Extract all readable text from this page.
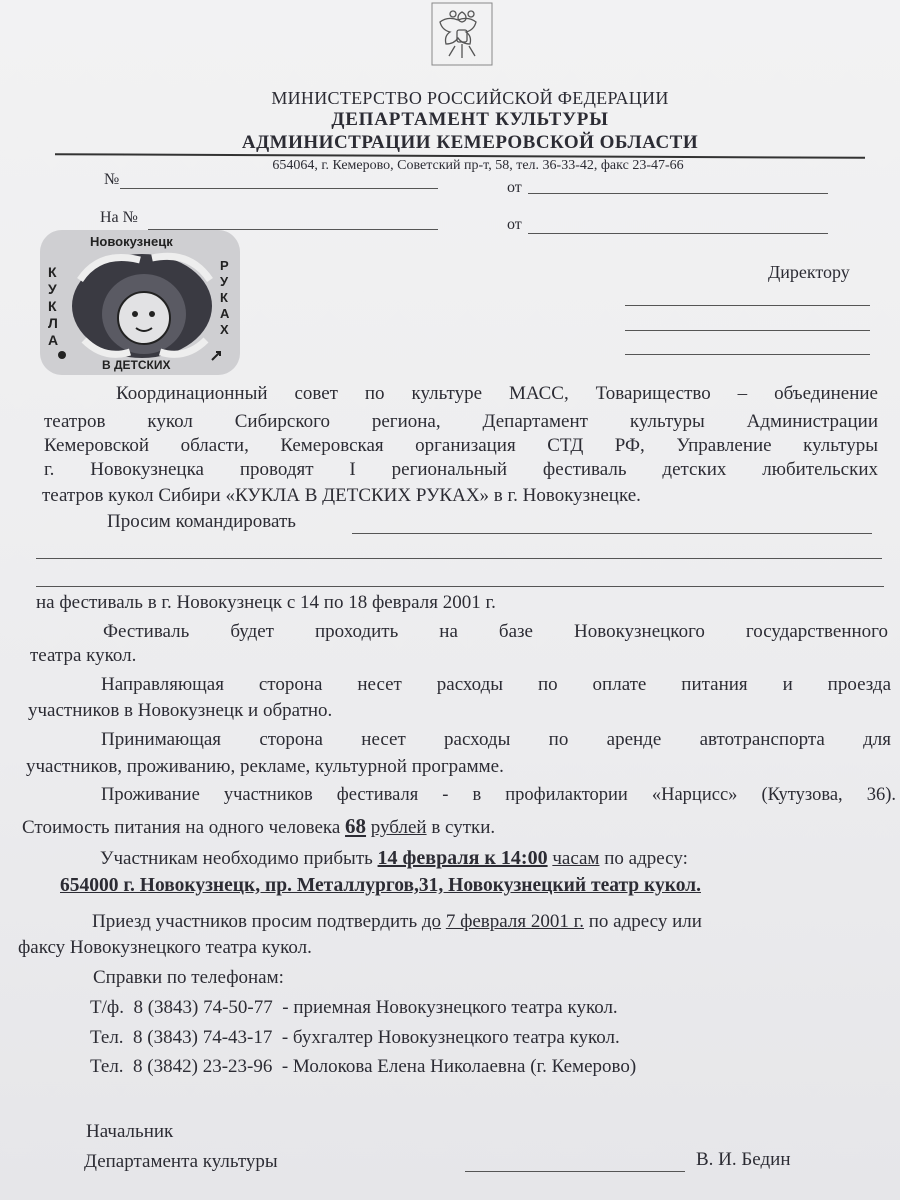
МИНИСТЕРСТВО РОССИЙСКОЙ ФЕДЕРАЦИИ
ДЕПАРТАМЕНТ КУЛЬТУРЫ
АДМИНИСТРАЦИИ КЕМЕРОВСКОЙ ОБЛАСТИ
654064, г. Кемерово, Советский пр-т, 58, тел. 36-33-42, факс 23-47-66
№	от
На №	от
Новокузнецк
КУКЛА
РУКАХ
В ДЕТСКИХ
Директору
Координационный совет по культуре МАСС, Товарищество – объединение
театров кукол Сибирского региона, Департамент культуры Администрации
Кемеровской области, Кемеровская организация СТД РФ, Управление культуры
г. Новокузнецка проводят I региональный фестиваль детских любительских
театров кукол Сибири «КУКЛА В ДЕТСКИХ РУКАХ» в г. Новокузнецке.
Просим командировать
на фестиваль в г. Новокузнецк с 14 по 18 февраля 2001 г.
Фестиваль будет проходить на базе Новокузнецкого государственного
театра кукол.
Направляющая сторона несет расходы по оплате питания и проезда
участников в Новокузнецк и обратно.
Принимающая сторона несет расходы по аренде автотранспорта для
участников, проживанию, рекламе, культурной программе.
Проживание участников фестиваля - в профилактории «Нарцисс» (Кутузова, 36).
Стоимость питания на одного человека 68 рублей в сутки.
Участникам необходимо прибыть 14 февраля к 14:00 часам по адресу:
654000 г. Новокузнецк, пр. Металлургов,31, Новокузнецкий театр кукол.
Приезд участников просим подтвердить до 7 февраля 2001 г. по адресу или
факсу Новокузнецкого театра кукол.
Справки по телефонам:
Т/ф.  8 (3843) 74-50-77  - приемная Новокузнецкого театра кукол.
Тел.  8 (3843) 74-43-17  - бухгалтер Новокузнецкого театра кукол.
Тел.  8 (3842) 23-23-96  - Молокова Елена Николаевна (г. Кемерово)
Начальник
Департамента культуры	В. И. Бедин
